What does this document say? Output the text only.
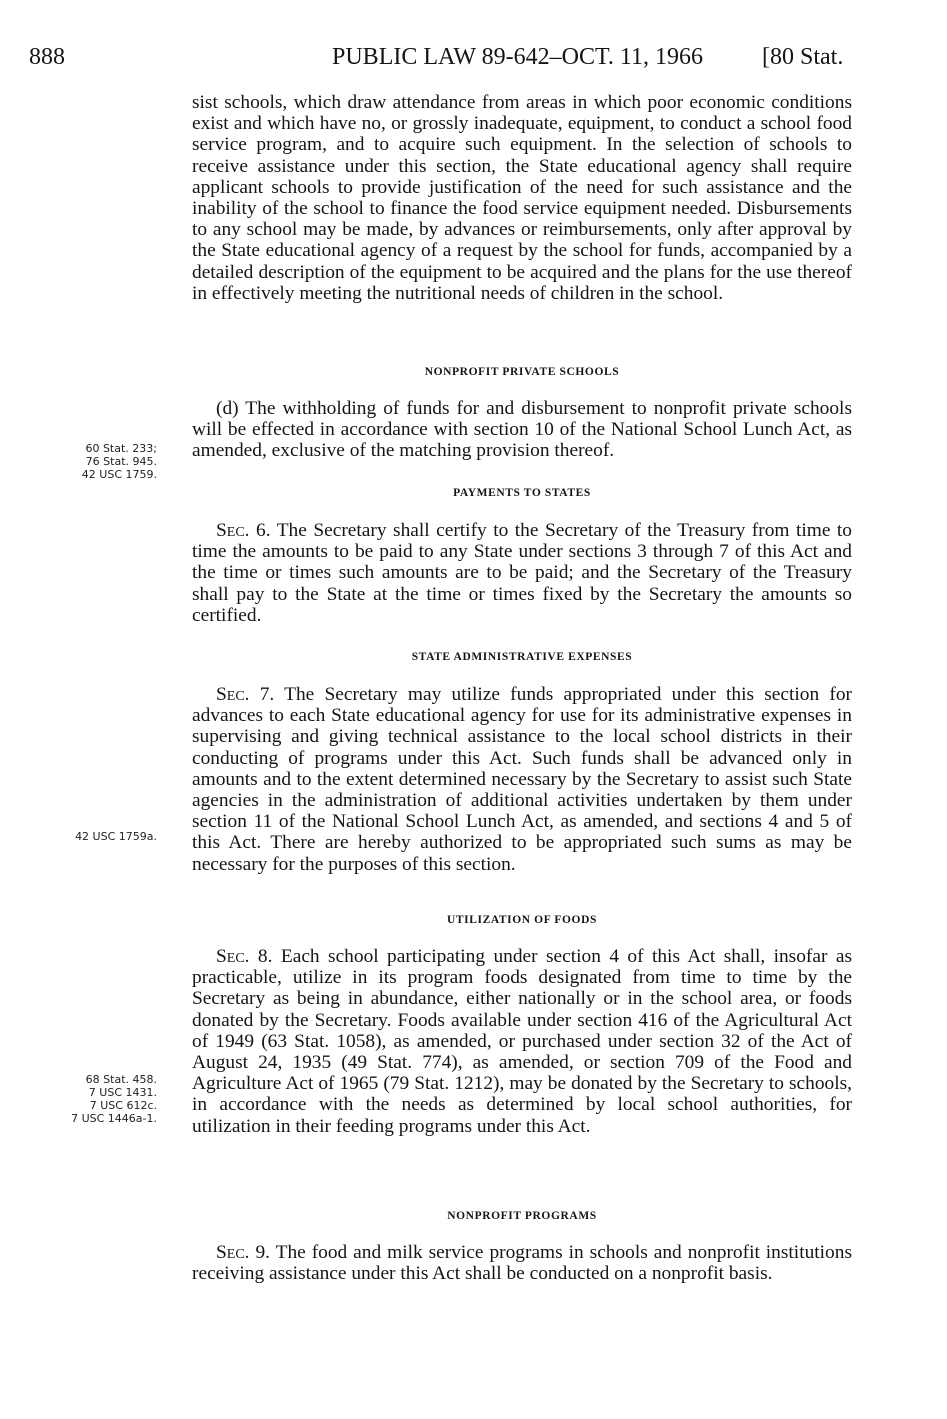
888	PUBLIC LAW 89-642–OCT. 11, 1966 [80 Stat.

sist schools, which draw attendance from areas in which poor economic conditions exist and which have no, or grossly inadequate, equipment, to conduct a school food service program, and to acquire such equipment. In the selection of schools to receive assistance under this section, the State educational agency shall require applicant schools to provide justification of the need for such assistance and the inability of the school to finance the food service equipment needed. Disbursements to any school may be made, by advances or reimbursements, only after approval by the State educational agency of a request by the school for funds, accompanied by a detailed description of the equipment to be acquired and the plans for the use thereof in effectively meeting the nutritional needs of children in the school.

NONPROFIT PRIVATE SCHOOLS

(d) The withholding of funds for and disbursement to nonprofit private schools will be effected in accordance with section 10 of the National School Lunch Act, as amended, exclusive of the matching provision thereof.

PAYMENTS TO STATES

Sec. 6. The Secretary shall certify to the Secretary of the Treasury from time to time the amounts to be paid to any State under sections 3 through 7 of this Act and the time or times such amounts are to be paid; and the Secretary of the Treasury shall pay to the State at the time or times fixed by the Secretary the amounts so certified.

STATE ADMINISTRATIVE EXPENSES

Sec. 7. The Secretary may utilize funds appropriated under this section for advances to each State educational agency for use for its administrative expenses in supervising and giving technical assistance to the local school districts in their conducting of programs under this Act. Such funds shall be advanced only in amounts and to the extent determined necessary by the Secretary to assist such State agencies in the administration of additional activities undertaken by them under section 11 of the National School Lunch Act, as amended, and sections 4 and 5 of this Act. There are hereby authorized to be appropriated such sums as may be necessary for the purposes of this section.

UTILIZATION OF FOODS

Sec. 8. Each school participating under section 4 of this Act shall, insofar as practicable, utilize in its program foods designated from time to time by the Secretary as being in abundance, either nationally or in the school area, or foods donated by the Secretary. Foods available under section 416 of the Agricultural Act of 1949 (63 Stat. 1058), as amended, or purchased under section 32 of the Act of August 24, 1935 (49 Stat. 774), as amended, or section 709 of the Food and Agriculture Act of 1965 (79 Stat. 1212), may be donated by the Secretary to schools, in accordance with the needs as determined by local school authorities, for utilization in their feeding programs under this Act.

NONPROFIT PROGRAMS

Sec. 9. The food and milk service programs in schools and nonprofit institutions receiving assistance under this Act shall be conducted on a nonprofit basis.

60 Stat. 233;
76 Stat. 945.
42 USC 1759.
42 USC 1759a.
68 Stat. 458.
7 USC 1431.
7 USC 612c.
7 USC 1446a-1.
